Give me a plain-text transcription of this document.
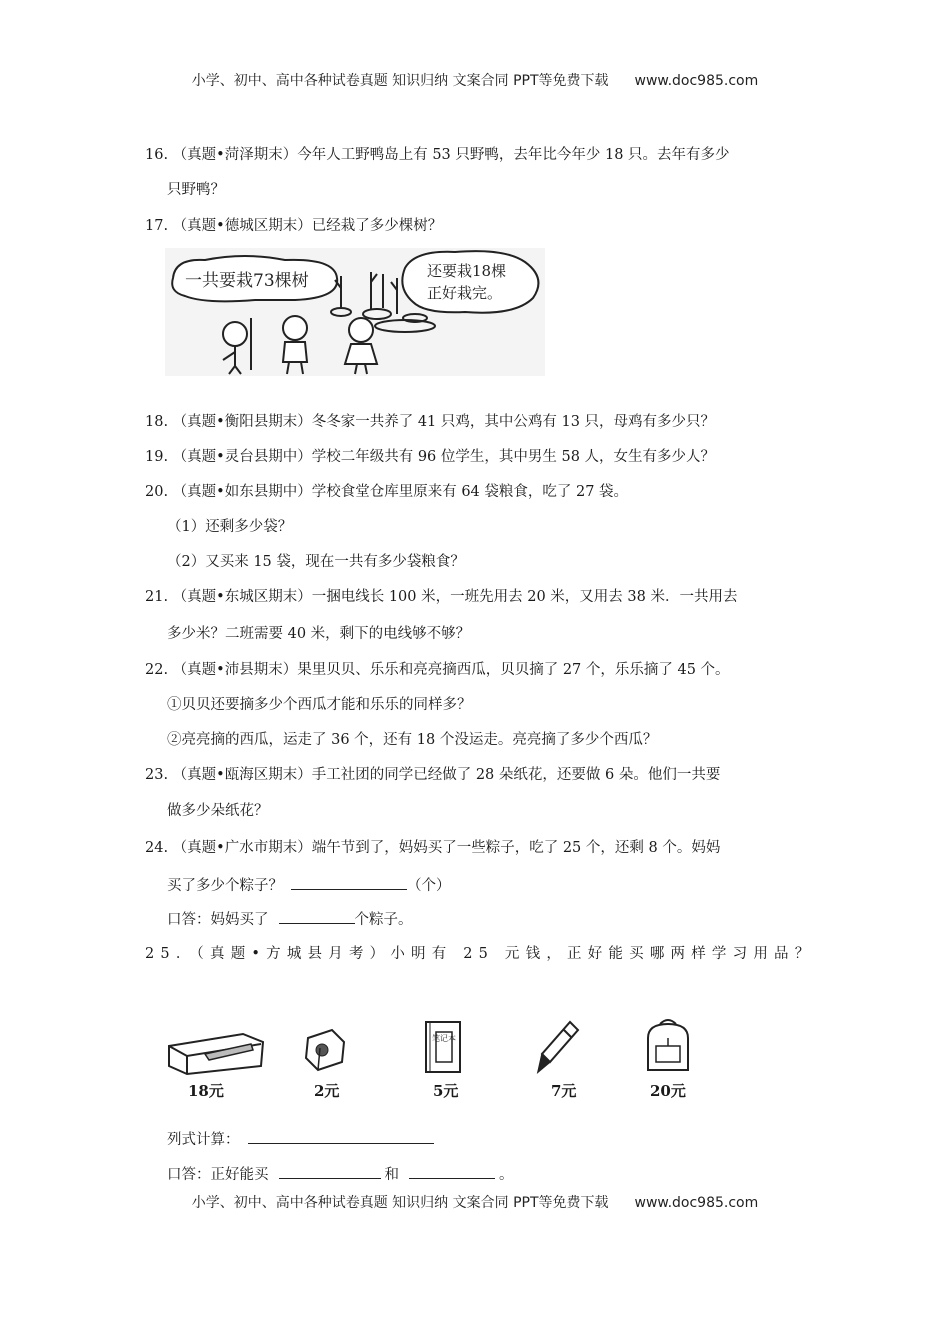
小学、初中、高中各种试卷真题 知识归纳 文案合同 PPT等免费下载 www.doc985.com
16. （真题•菏泽期末）今年人工野鸭岛上有 53 只野鸭，去年比今年少 18 只。去年有多少
只野鸭？
17. （真题•德城区期末）已经栽了多少棵树？
一共要栽73棵树	还要栽18棵
正好栽完。
18. （真题•衡阳县期末）冬冬家一共养了 41 只鸡，其中公鸡有 13 只，母鸡有多少只？
19. （真题•灵台县期中）学校二年级共有 96 位学生，其中男生 58 人，女生有多少人？
20. （真题•如东县期中）学校食堂仓库里原来有 64 袋粮食，吃了 27 袋。
（1）还剩多少袋？
（2）又买来 15 袋，现在一共有多少袋粮食？
21. （真题•东城区期末）一捆电线长 100 米，一班先用去 20 米，又用去 38 米．一共用去
多少米？二班需要 40 米，剩下的电线够不够？
22. （真题•沛县期末）果里贝贝、乐乐和亮亮摘西瓜，贝贝摘了 27 个，乐乐摘了 45 个。
①贝贝还要摘多少个西瓜才能和乐乐的同样多？
②亮亮摘的西瓜，运走了 36 个，还有 18 个没运走。亮亮摘了多少个西瓜？
23. （真题•瓯海区期末）手工社团的同学已经做了 28 朵纸花，还要做 6 朵。他们一共要
做多少朵纸花？
24. （真题•广水市期末）端午节到了，妈妈买了一些粽子，吃了 25 个，还剩 8 个。妈妈
买了多少个粽子？	（个）
口答：妈妈买了	个粽子。
25．（真题•方城县月考）小明有 25 元钱，正好能买哪两样学习用品？
18元	2元
笔记本
5元	7元	20元
列式计算：
口答：正好能买	和	。
小学、初中、高中各种试卷真题 知识归纳 文案合同 PPT等免费下载 www.doc985.com
